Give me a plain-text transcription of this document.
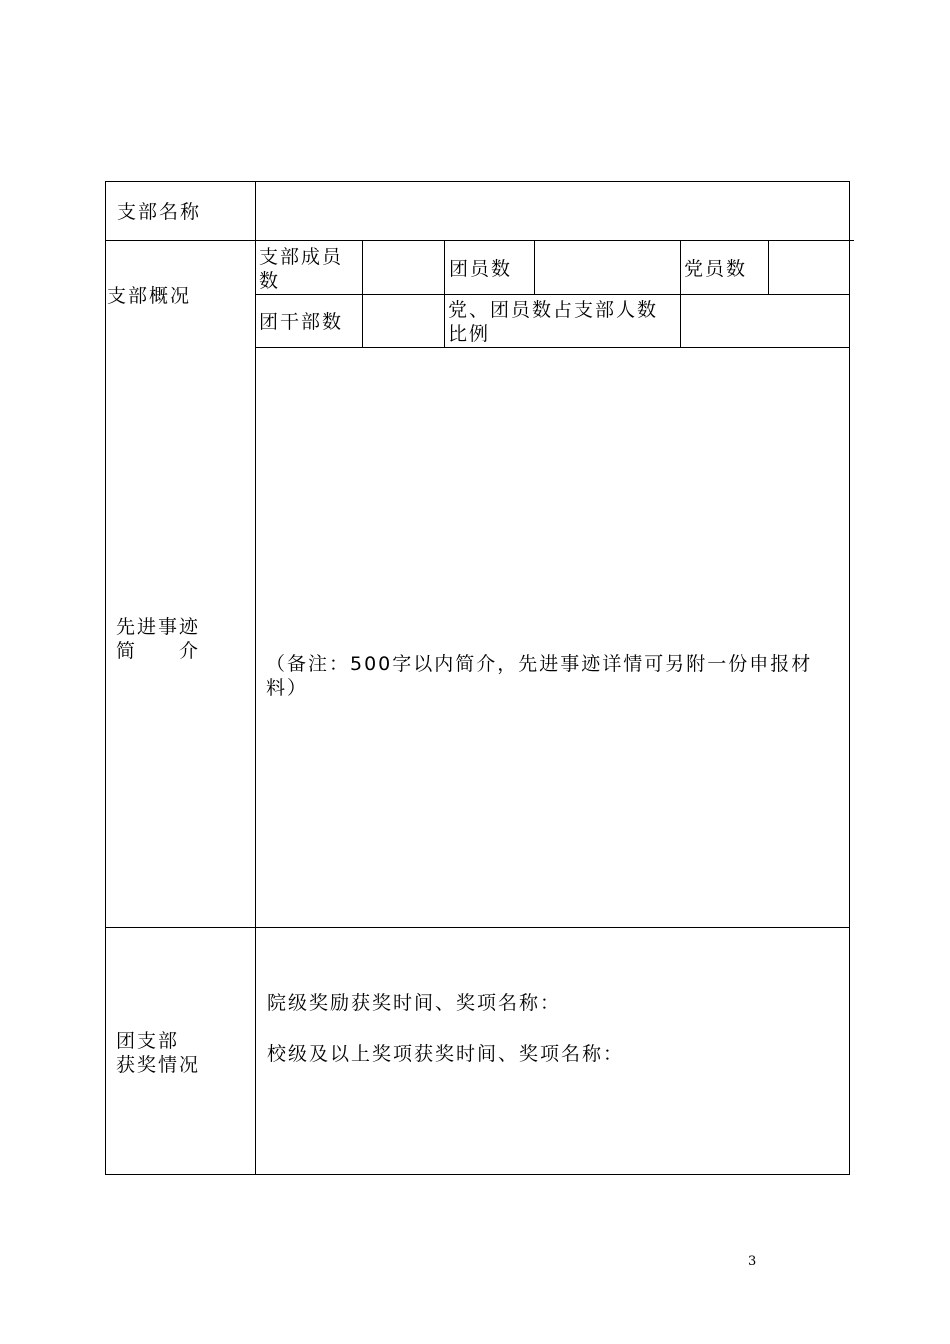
支部名称
支部概况
支部成员数
团员数	党员数
团干部数
党、团员数占支部人数比例
先进事迹
简　　介
（备注：500字以内简介，先进事迹详情可另附一份申报材料）
团支部
获奖情况
院级奖励获奖时间、奖项名称：
校级及以上奖项获奖时间、奖项名称：
3
